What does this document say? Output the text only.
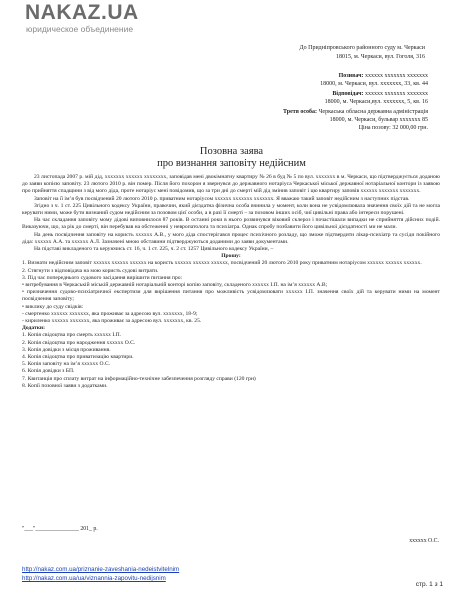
NAKAZ.UA
юридическое объединение
До Придніпровського районного суду м. Черкаси
18015, м. Черкаси, вул. Гоголя, 316
Позивач: хххххх ххххххх ххххххх
18000, м. Черкаси, вул. ххххххх, 33, кв. 44
Відповідач: хххххх ххххххх ххххххх
18000, м. Черкаси,вул. ххххххх, 5, кв. 16
Третя особа: Черкаська обласна державна адміністрація
18000, м. Черкаси, бульвар ххххххх 85
Ціна позову: 32 000,00 грн.
Позовна заява
про визнання заповіту недійсним

23 листопада 2007 р. мій дід, ххххххх хххххх хххххххх, заповідав мені двокімнатну квартиру № 26 в буд № 5 по вул. ххххххх в м. Черкаси, що підтверджується доданою до заяви копією заповіту. 23 лютого 2010 р. він помер. Після його похорон я звернувся до державного нотаріуса Черкаської міської державної нотаріальної контори із заявою про прийняття спадщини з від мого діда, проте нотаріус мені повідомив, що за три дні до смерті мій дід змінив заповіт і цю квартиру заповів хххххх ххххххх ххххххх.

Заповіт на її ім’я був посвідчений 20 лютого 2010 р. приватним нотаріусом хххххх ххххххх ххххххх. Я вважаю такий заповіт недійсним з наступних підстав.

Згідно з ч. 1 ст. 225 Цивільного кодексу України, правочин, який дієздатна фізична особа вчинила у момент, коли вона не усвідомлювала значення своїх дій та не могла керувати ними, може бути визнаний судом недійсним за позовом цієї особи, а в разі її смерті – за позовом інших осіб, чиї цивільні права або інтереси порушені.

На час складання заповіту мому дідові виповнилося 87 років. В останні роки в нього розвинувся віковий склероз і почастішали випадки не сприйняття дійсних подій. Виказуючи, що, за рік до смерті, він перебував на обстеженні у невропатолога та психіатра. Однак спробу позбавити його цивільної дієздатності ми не мали.

На день посвідчення заповіту на користь хххххх А.В., у мого діда спостерігався процес психічного розладу, що зможе підтвердити лікар-психіатр та сусіди покійного діда: хххххх А.А. та хххххх А.Л. Зазначені мною обставини підтверджуються доданими до заяви документами.

На підставі викладеного та керуючись ст. 16, ч. 1 ст. 225, ч. 2 ст. 1257 Цивільного кодексу України, –

Прошу:

1. Визнати недійсним заповіт хххххх хххххх хххххх на користь хххххх хххххх хххххх, посвідчений 20 лютого 2010 року приватним нотаріусом хххххх хххххх хххххх.

2. Стягнути з відповідача на мою користь судові витрати.

3. Під час попереднього судового засідання вирішити питання про:

• витребування в Черкаській міській державній нотаріальній конторі копію заповіту, складеного хххххх І.П. на ім’я хххххх А.В;

• призначення судово-психіатричної експертизи для вирішення питання про можливість усвідомлювати хххххх І.П. значення своїх дій та керувати ними на момент посвідчення заповіту;

• виклику до суду свідків:

- смертенко хххххх ххххххх, яка проживає за адресою вул. ххххххх, 18-9;

- кириленко хххххх ххххххх, яка проживає за адресою вул. ххххххх, кв. 25.

Додатки:

1. Копія свідоцтва про смерть хххххх І.П.

2. Копія свідоцтва про народження хххххх О.С.

3. Копія довідки з місця проживання.

4. Копія свідоцтва про приватизацію квартири.

5. Копія заповіту на ім’я хххххх О.С.

6. Копія довідки з БП.

7. Квитанція про сплату витрат на інформаційно-технічне забезпечення розгляду справи (120 грн)

8. Копії позовної заяви з додатками.

"___"_______________ 201_ р.
хххххх О.С.
http://nakaz.com.ua/priznanie-zaveshania-nedeistvitelnim
http://nakaz.com.ua/ua/viznannia-zapovitu-nedijsnim
стр. 1 з 1
